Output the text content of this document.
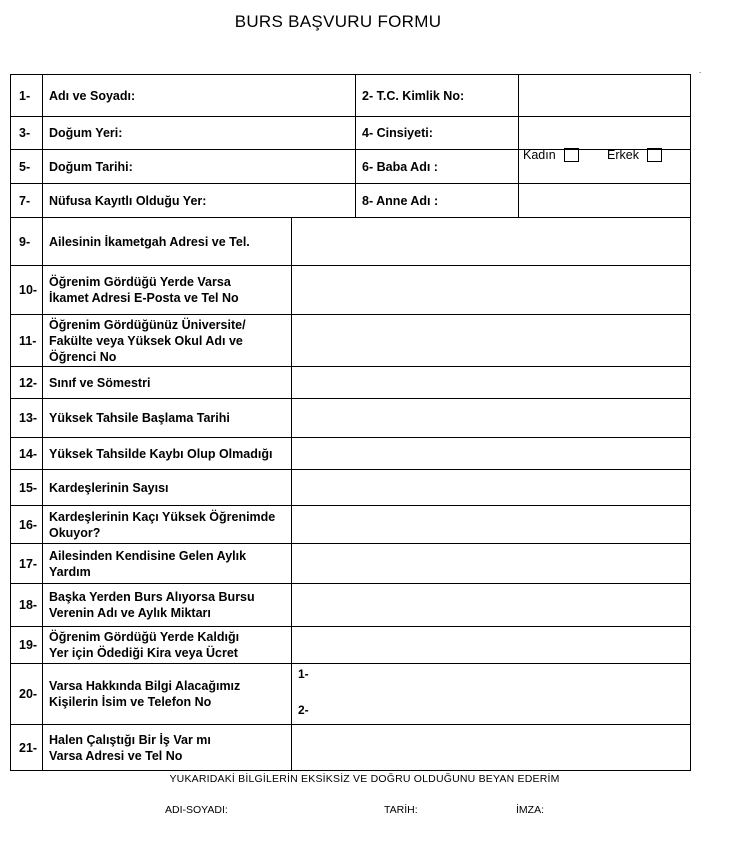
BURS BAŞVURU FORMU
.
1-	Adı ve Soyadı:	2- T.C. Kimlik No:	
3-	Doğum Yeri:	4- Cinsiyeti:	Kadın Erkek

5-	Doğum Tarihi:	6- Baba Adı :	
7-	Nüfusa Kayıtlı Olduğu Yer:	8- Anne Adı :	
9-	Ailesinin İkametgah Adresi ve Tel.	
10-	Öğrenim Gördüğü Yerde Varsa İkamet Adresi E-Posta ve Tel No	
11-	Öğrenim Gördüğünüz Üniversite/ Fakülte veya Yüksek Okul Adı ve Öğrenci No	
12-	Sınıf ve Sömestri	
13-	Yüksek Tahsile Başlama Tarihi	
14-	Yüksek Tahsilde Kaybı Olup Olmadığı	
15-	Kardeşlerinin Sayısı	
16-	Kardeşlerinin Kaçı Yüksek Öğrenimde Okuyor?	
17-	Ailesinden Kendisine Gelen Aylık Yardım	
18-	Başka Yerden Burs Alıyorsa Bursu Verenin Adı ve Aylık Miktarı	
19-	Öğrenim Gördüğü Yerde Kaldığı Yer için Ödediği Kira veya Ücret	
20-	Varsa Hakkında Bilgi Alacağımız Kişilerin İsim ve Telefon No	1-
2-

21-	Halen Çalıştığı Bir İş Var mı Varsa Adresi ve Tel No	
YUKARIDAKİ BİLGİLERİN EKSİKSİZ VE DOĞRU OLDUĞUNU BEYAN EDERİM
ADI-SOYADI:	TARİH:	İMZA:
